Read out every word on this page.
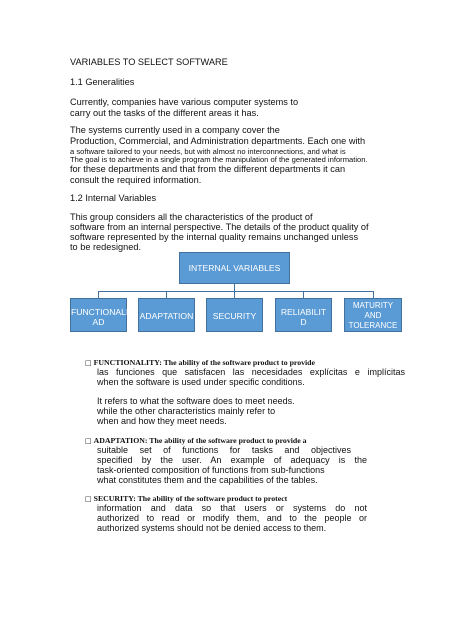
VARIABLES TO SELECT SOFTWARE
1.1 Generalities
Currently, companies have various computer systems to
carry out the tasks of the different areas it has.
The systems currently used in a company cover the
Production, Commercial, and Administration departments. Each one with
a software tailored to your needs, but with almost no interconnections, and what is
The goal is to achieve in a single program the manipulation of the generated information.
for these departments and that from the different departments it can
consult the required information.
1.2 Internal Variables
This group considers all the characteristics of the product of
software from an internal perspective. The details of the product quality of
software represented by the internal quality remains unchanged unless
to be redesigned.
INTERNAL VARIABLES
FUNCTIONALIT
AD
ADAPTATION	SECURITY	RELIABILIT
D
MATURITY AND
TOLERANCE
To errors
□ FUNCTIONALITY: The ability of the software product to provide
las funciones que satisfacen las necesidades explícitas e implícitas
when the software is used under specific conditions.
It refers to what the software does to meet needs.
while the other characteristics mainly refer to
when and how they meet needs.
□ ADAPTATION: The ability of the software product to provide a
suitable set of functions for tasks and objectives
specified by the user. An example of adequacy is the
task-oriented composition of functions from sub-functions
what constitutes them and the capabilities of the tables.
□ SECURITY: The ability of the software product to protect
information and data so that users or systems do not
authorized to read or modify them, and to the people or
authorized systems should not be denied access to them.
